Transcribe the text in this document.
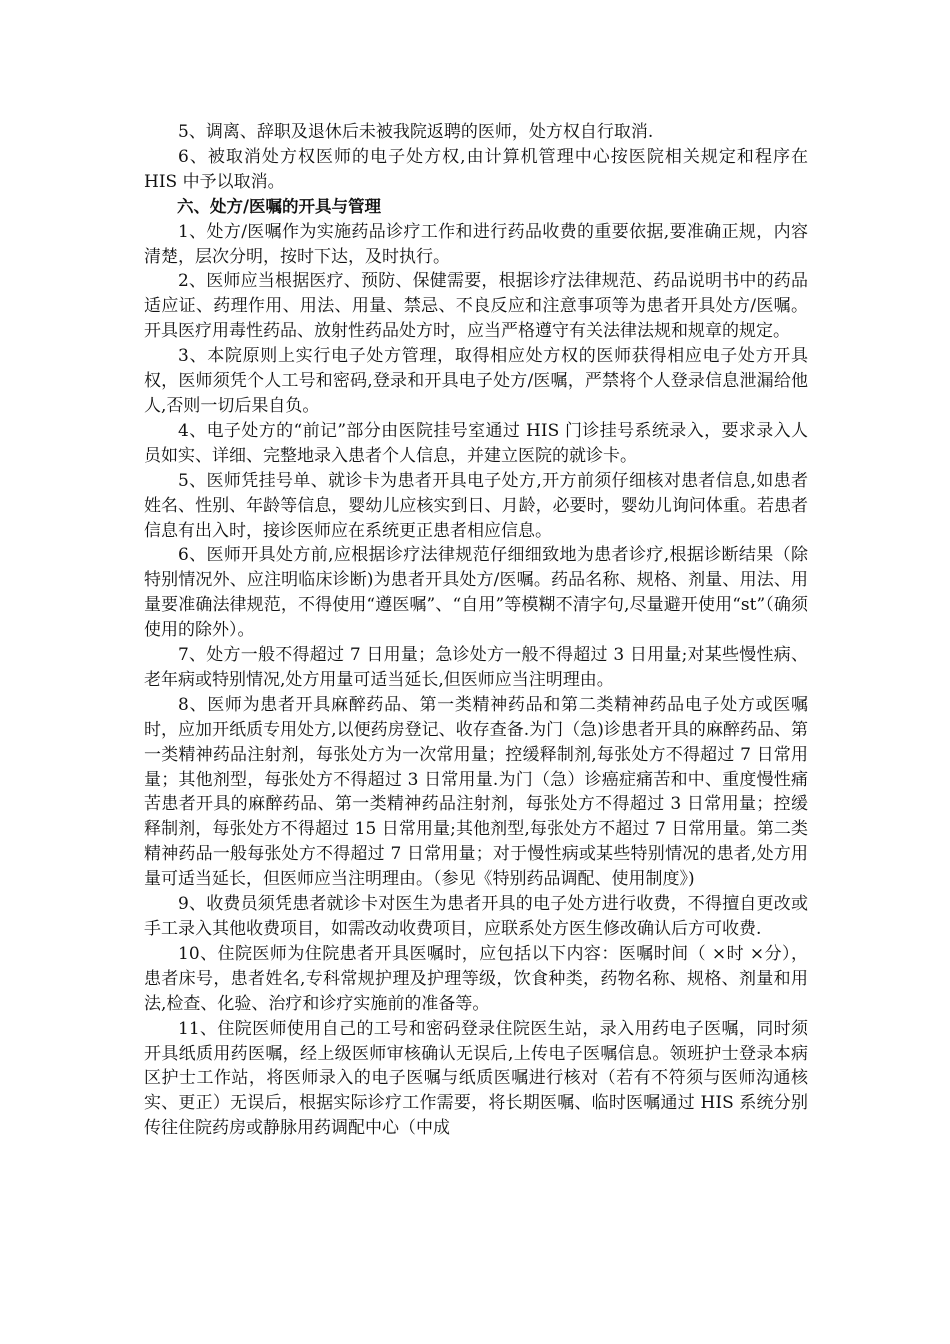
5、调离、辞职及退休后未被我院返聘的医师，处方权自行取消.

6、被取消处方权医师的电子处方权,由计算机管理中心按医院相关规定和程序在 HIS 中予以取消。

六、处方/医嘱的开具与管理

1、处方/医嘱作为实施药品诊疗工作和进行药品收费的重要依据,要准确正规，内容清楚，层次分明，按时下达，及时执行。

2、医师应当根据医疗、预防、保健需要，根据诊疗法律规范、药品说明书中的药品适应证、药理作用、用法、用量、禁忌、不良反应和注意事项等为患者开具处方/医嘱。开具医疗用毒性药品、放射性药品处方时，应当严格遵守有关法律法规和规章的规定。

3、本院原则上实行电子处方管理，取得相应处方权的医师获得相应电子处方开具权，医师须凭个人工号和密码,登录和开具电子处方/医嘱，严禁将个人登录信息泄漏给他人,否则一切后果自负。

4、电子处方的“前记”部分由医院挂号室通过 HIS 门诊挂号系统录入，要求录入人员如实、详细、完整地录入患者个人信息，并建立医院的就诊卡。

5、医师凭挂号单、就诊卡为患者开具电子处方,开方前须仔细核对患者信息,如患者姓名、性别、年龄等信息，婴幼儿应核实到日、月龄，必要时，婴幼儿询问体重。若患者信息有出入时，接诊医师应在系统更正患者相应信息。

6、医师开具处方前,应根据诊疗法律规范仔细细致地为患者诊疗,根据诊断结果（除特别情况外、应注明临床诊断)为患者开具处方/医嘱。药品名称、规格、剂量、用法、用量要准确法律规范，不得使用“遵医嘱”、“自用”等模糊不清字句,尽量避开使用“st”（确须使用的除外）。

7、处方一般不得超过 7 日用量；急诊处方一般不得超过 3 日用量;对某些慢性病、老年病或特别情况,处方用量可适当延长,但医师应当注明理由。

8、医师为患者开具麻醉药品、第一类精神药品和第二类精神药品电子处方或医嘱时，应加开纸质专用处方,以便药房登记、收存查备.为门（急)诊患者开具的麻醉药品、第一类精神药品注射剂，每张处方为一次常用量；控缓释制剂,每张处方不得超过 7 日常用量；其他剂型，每张处方不得超过 3 日常用量.为门（急）诊癌症痛苦和中、重度慢性痛苦患者开具的麻醉药品、第一类精神药品注射剂，每张处方不得超过 3 日常用量；控缓释制剂，每张处方不得超过 15 日常用量;其他剂型,每张处方不超过 7 日常用量。第二类精神药品一般每张处方不得超过 7 日常用量；对于慢性病或某些特别情况的患者,处方用量可适当延长，但医师应当注明理由。（参见《特别药品调配、使用制度》)

9、收费员须凭患者就诊卡对医生为患者开具的电子处方进行收费，不得擅自更改或手工录入其他收费项目，如需改动收费项目，应联系处方医生修改确认后方可收费.

10、住院医师为住院患者开具医嘱时，应包括以下内容：医嘱时间（ ×时 ×分），患者床号，患者姓名,专科常规护理及护理等级，饮食种类，药物名称、规格、剂量和用法,检查、化验、治疗和诊疗实施前的准备等。

11、住院医师使用自己的工号和密码登录住院医生站，录入用药电子医嘱，同时须开具纸质用药医嘱，经上级医师审核确认无误后,上传电子医嘱信息。领班护士登录本病区护士工作站，将医师录入的电子医嘱与纸质医嘱进行核对（若有不符须与医师沟通核实、更正）无误后，根据实际诊疗工作需要，将长期医嘱、临时医嘱通过 HIS 系统分别传往住院药房或静脉用药调配中心（中成
